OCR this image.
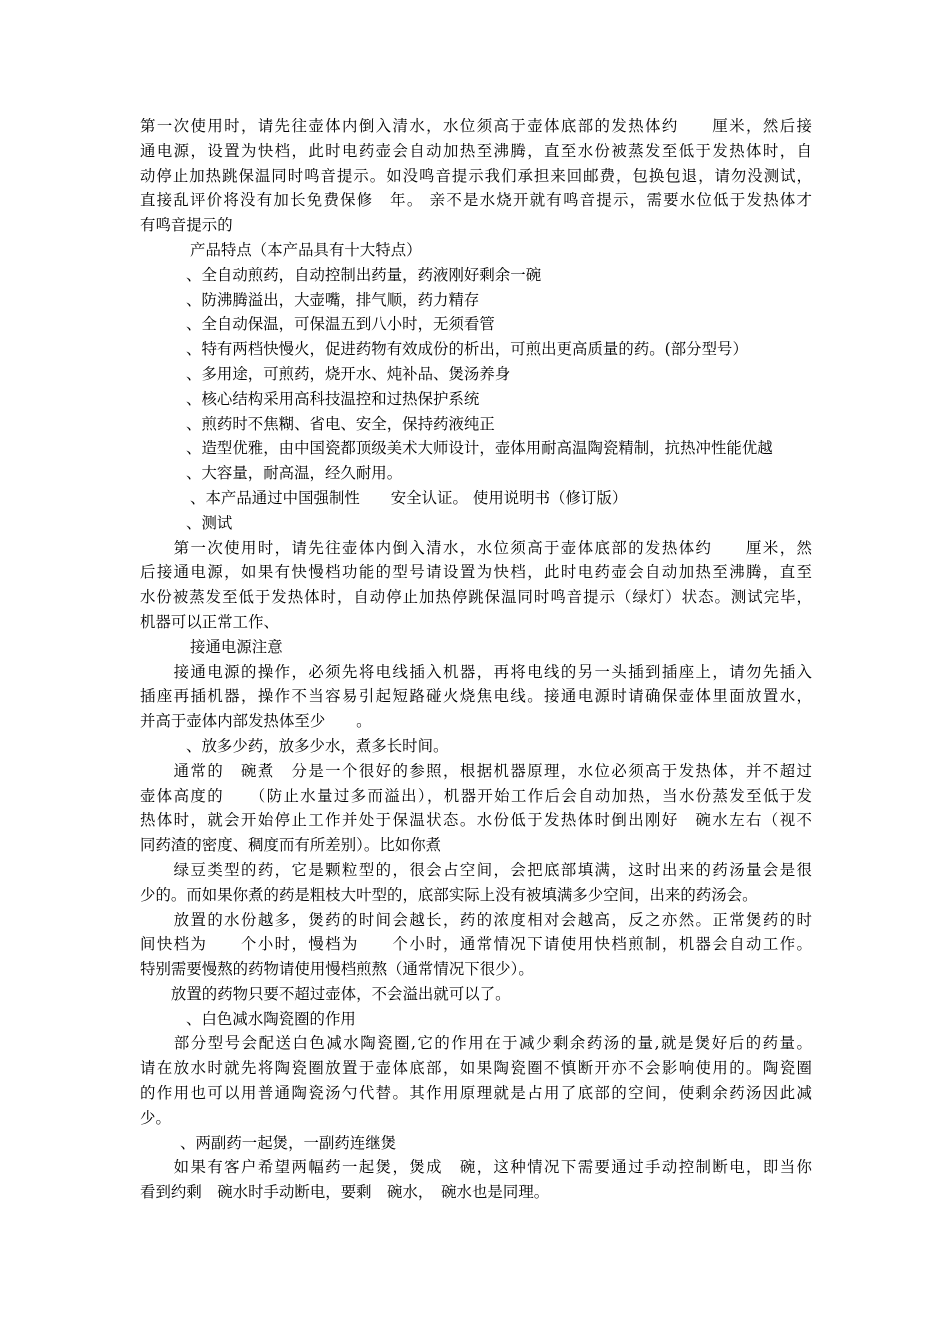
第一次使用时，请先往壶体内倒入清水，水位须高于壶体底部的发热体约　　厘米，然后接
通电源，设置为快档，此时电药壶会自动加热至沸腾，直至水份被蒸发至低于发热体时，自
动停止加热跳保温同时鸣音提示。如没鸣音提示我们承担来回邮费，包换包退，请勿没测试，
直接乱评价将没有加长免费保修　年。 亲不是水烧开就有鸣音提示，需要水位低于发热体才
有鸣音提示的
产品特点（本产品具有十大特点）
、全自动煎药，自动控制出药量，药液刚好剩余一碗
、防沸腾溢出，大壶嘴，排气顺，药力精存
、全自动保温，可保温五到八小时，无须看管
、特有两档快慢火，促进药物有效成份的析出，可煎出更高质量的药。(部分型号）
、多用途，可煎药，烧开水、炖补品、煲汤养身
、核心结构采用高科技温控和过热保护系统
、煎药时不焦糊、省电、安全，保持药液纯正
、造型优雅，由中国瓷都顶级美术大师设计，壶体用耐高温陶瓷精制，抗热冲性能优越
、大容量，耐高温，经久耐用。
、本产品通过中国强制性　　安全认证。 使用说明书（修订版）
、测试
　　第一次使用时，请先往壶体内倒入清水，水位须高于壶体底部的发热体约　　厘米，然
后接通电源，如果有快慢档功能的型号请设置为快档，此时电药壶会自动加热至沸腾，直至
水份被蒸发至低于发热体时，自动停止加热停跳保温同时鸣音提示（绿灯）状态。测试完毕，
机器可以正常工作、
接通电源注意
　　接通电源的操作，必须先将电线插入机器，再将电线的另一头插到插座上，请勿先插入
插座再插机器，操作不当容易引起短路碰火烧焦电线。接通电源时请确保壶体里面放置水，
并高于壶体内部发热体至少　　。
、放多少药，放多少水，煮多长时间。
　　通常的　碗煮　分是一个很好的参照，根据机器原理，水位必须高于发热体，并不超过
壶体高度的　　（防止水量过多而溢出），机器开始工作后会自动加热，当水份蒸发至低于发
热体时，就会开始停止工作并处于保温状态。水份低于发热体时倒出刚好　碗水左右（视不
同药渣的密度、稠度而有所差别）。比如你煮
　　绿豆类型的药，它是颗粒型的，很会占空间，会把底部填满，这时出来的药汤量会是很
少的。而如果你煮的药是粗枝大叶型的，底部实际上没有被填满多少空间，出来的药汤会。
　　放置的水份越多，煲药的时间会越长，药的浓度相对会越高，反之亦然。正常煲药的时
间快档为　　个小时，慢档为　　个小时，通常情况下请使用快档煎制，机器会自动工作。
特别需要慢熬的药物请使用慢档煎熬（通常情况下很少）。
　　放置的药物只要不超过壶体，不会溢出就可以了。
、白色减水陶瓷圈的作用
　　部分型号会配送白色减水陶瓷圈,它的作用在于减少剩余药汤的量,就是煲好后的药量。
请在放水时就先将陶瓷圈放置于壶体底部，如果陶瓷圈不慎断开亦不会影响使用的。陶瓷圈
的作用也可以用普通陶瓷汤勺代替。其作用原理就是占用了底部的空间，使剩余药汤因此减
少。
、两副药一起煲，一副药连继煲
　　如果有客户希望两幅药一起煲，煲成　碗，这种情况下需要通过手动控制断电，即当你
看到约剩　碗水时手动断电，要剩　碗水，　碗水也是同理。
